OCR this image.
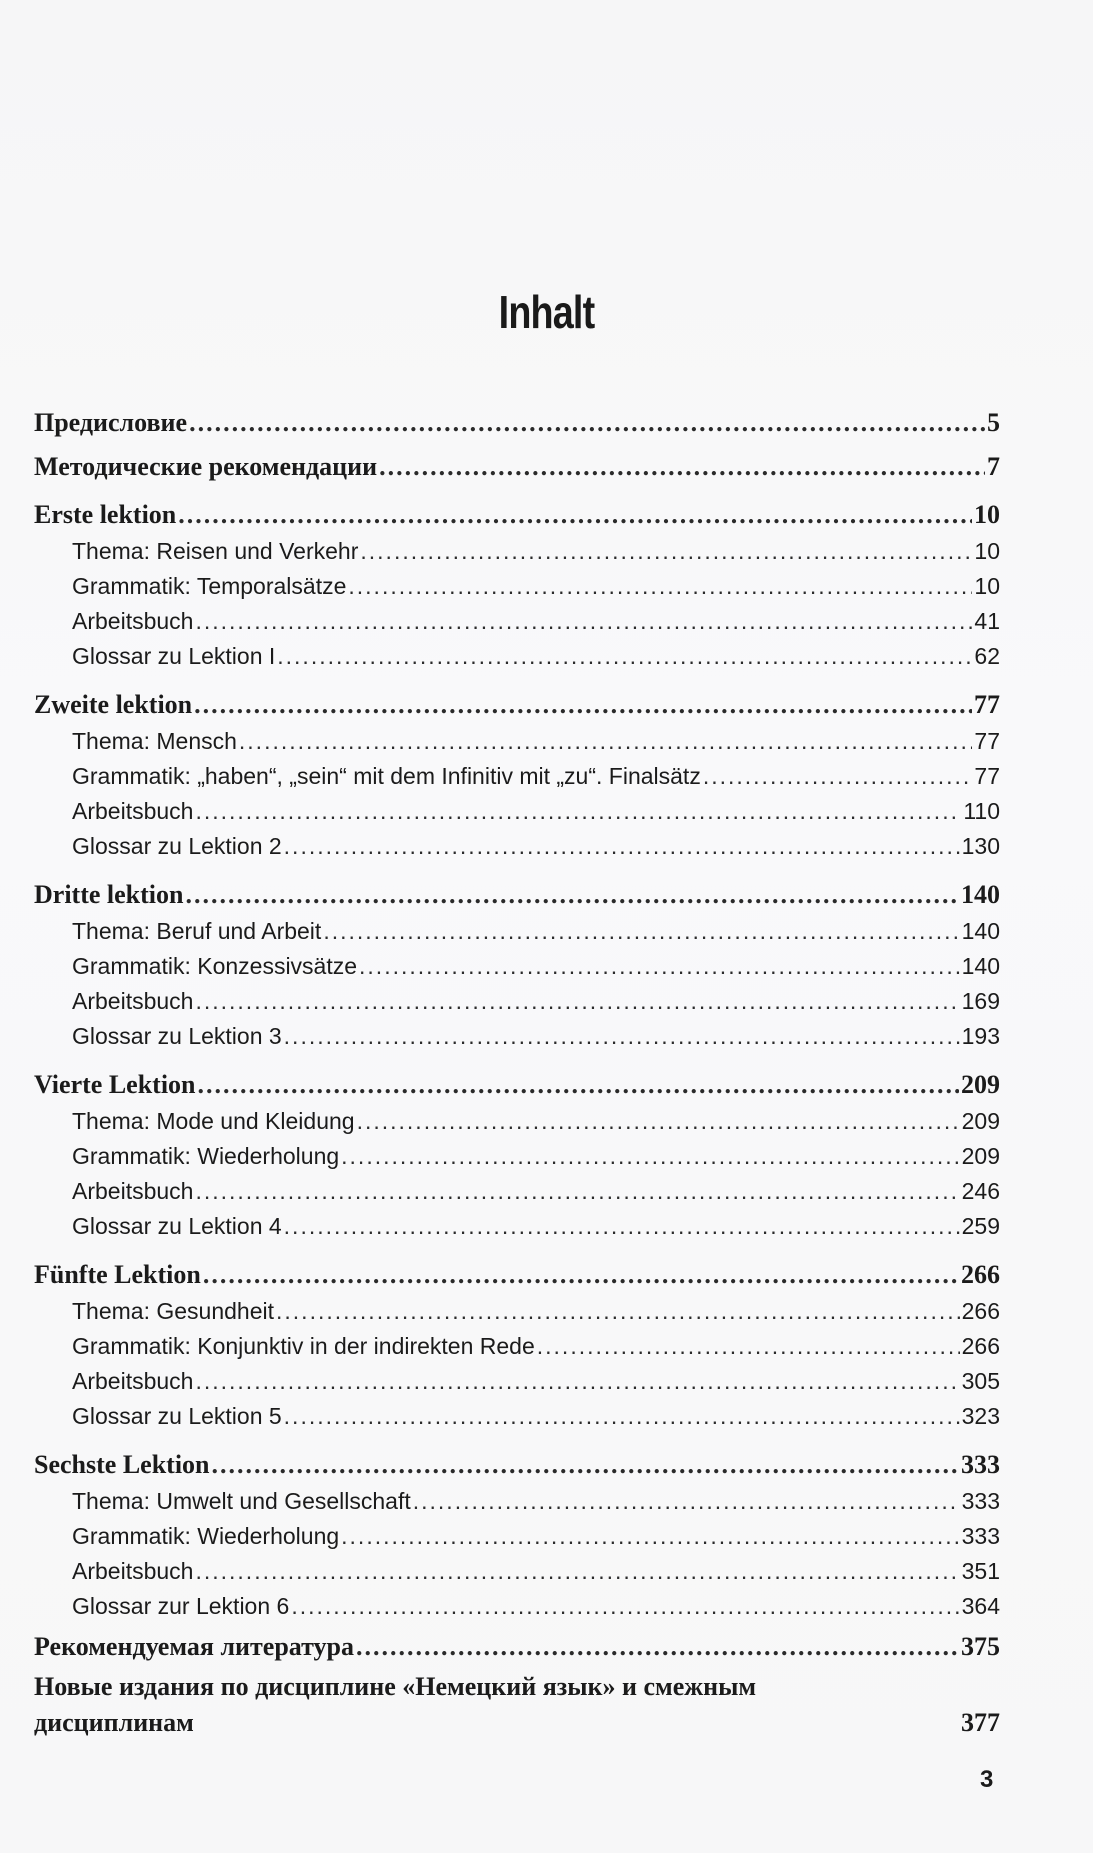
Inhalt
Предисловие .....	5
Методические рекомендации .....	7
Erste lektion .....	10
Thema: Reisen und Verkehr .....	10
Grammatik: Temporalsätze .....	10
Arbeitsbuch .....	41
Glossar zu Lektion I .....	62
Zweite lektion .....	77
Thema: Mensch .....	77
Grammatik: „haben“, „sein“ mit dem Infinitiv mit „zu“. Finalsätz .....	77
Arbeitsbuch .....	110
Glossar zu Lektion 2 .....	130
Dritte lektion .....	140
Thema: Beruf und Arbeit .....	140
Grammatik: Konzessivsätze .....	140
Arbeitsbuch .....	169
Glossar zu Lektion 3 .....	193
Vierte Lektion .....	209
Thema: Mode und Kleidung .....	209
Grammatik: Wiederholung .....	209
Arbeitsbuch .....	246
Glossar zu Lektion 4 .....	259
Fünfte Lektion .....	266
Thema: Gesundheit .....	266
Grammatik: Konjunktiv in der indirekten Rede .....	266
Arbeitsbuch .....	305
Glossar zu Lektion 5 .....	323
Sechste Lektion .....	333
Thema: Umwelt und Gesellschaft .....	333
Grammatik: Wiederholung .....	333
Arbeitsbuch .....	351
Glossar zur Lektion 6 .....	364
Рекомендуемая литература .....	375
Новые издания по дисциплине «Немецкий язык» и смежным
дисциплинам	377
3
